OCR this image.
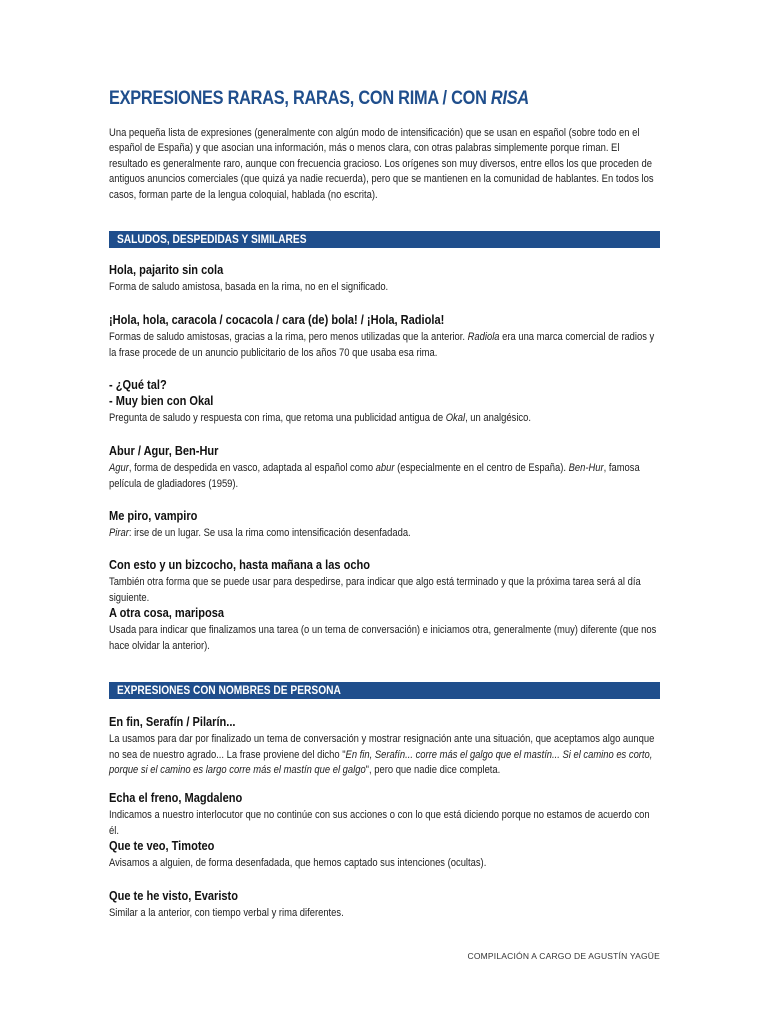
EXPRESIONES RARAS, RARAS, CON RIMA / CON RISA

Una pequeña lista de expresiones (generalmente con algún modo de intensificación) que se usan en español (sobre todo en el español de España) y que asocian una información, más o menos clara, con otras palabras simplemente porque riman. El resultado es generalmente raro, aunque con frecuencia gracioso. Los orígenes son muy diversos, entre ellos los que proceden de antiguos anuncios comerciales (que quizá ya nadie recuerda), pero que se mantienen en la comunidad de hablantes. En todos los casos, forman parte de la lengua coloquial, hablada (no escrita).

SALUDOS, DESPEDIDAS Y SIMILARES

Hola, pajarito sin cola

Forma de saludo amistosa, basada en la rima, no en el significado.

¡Hola, hola, caracola / cocacola / cara (de) bola! / ¡Hola, Radiola!

Formas de saludo amistosas, gracias a la rima, pero menos utilizadas que la anterior. Radiola era una marca comercial de radios y la frase procede de un anuncio publicitario de los años 70 que usaba esa rima.

- ¿Qué tal?

- Muy bien con Okal

Pregunta de saludo y respuesta con rima, que retoma una publicidad antigua de Okal, un analgésico.

Abur / Agur, Ben-Hur

Agur, forma de despedida en vasco, adaptada al español como abur (especialmente en el centro de España). Ben-Hur, famosa película de gladiadores (1959).

Me piro, vampiro

Pirar: irse de un lugar. Se usa la rima como intensificación desenfadada.

Con esto y un bizcocho, hasta mañana a las ocho

También otra forma que se puede usar para despedirse, para indicar que algo está terminado y que la próxima tarea será al día siguiente.

A otra cosa, mariposa

Usada para indicar que finalizamos una tarea (o un tema de conversación) e iniciamos otra, generalmente (muy) diferente (que nos hace olvidar la anterior).

EXPRESIONES CON NOMBRES DE PERSONA

En fin, Serafín / Pilarín...

La usamos para dar por finalizado un tema de conversación y mostrar resignación ante una situación, que aceptamos algo aunque no sea de nuestro agrado... La frase proviene del dicho "En fin, Serafín... corre más el galgo que el mastín... Si el camino es corto, porque si el camino es largo corre más el mastín que el galgo", pero que nadie dice completa.

Echa el freno, Magdaleno

Indicamos a nuestro interlocutor que no continúe con sus acciones o con lo que está diciendo porque no estamos de acuerdo con él.

Que te veo, Timoteo

Avisamos a alguien, de forma desenfadada, que hemos captado sus intenciones (ocultas).

Que te he visto, Evaristo

Similar a la anterior, con tiempo verbal y rima diferentes.

COMPILACIÓN A CARGO DE AGUSTÍN YAGÜE
